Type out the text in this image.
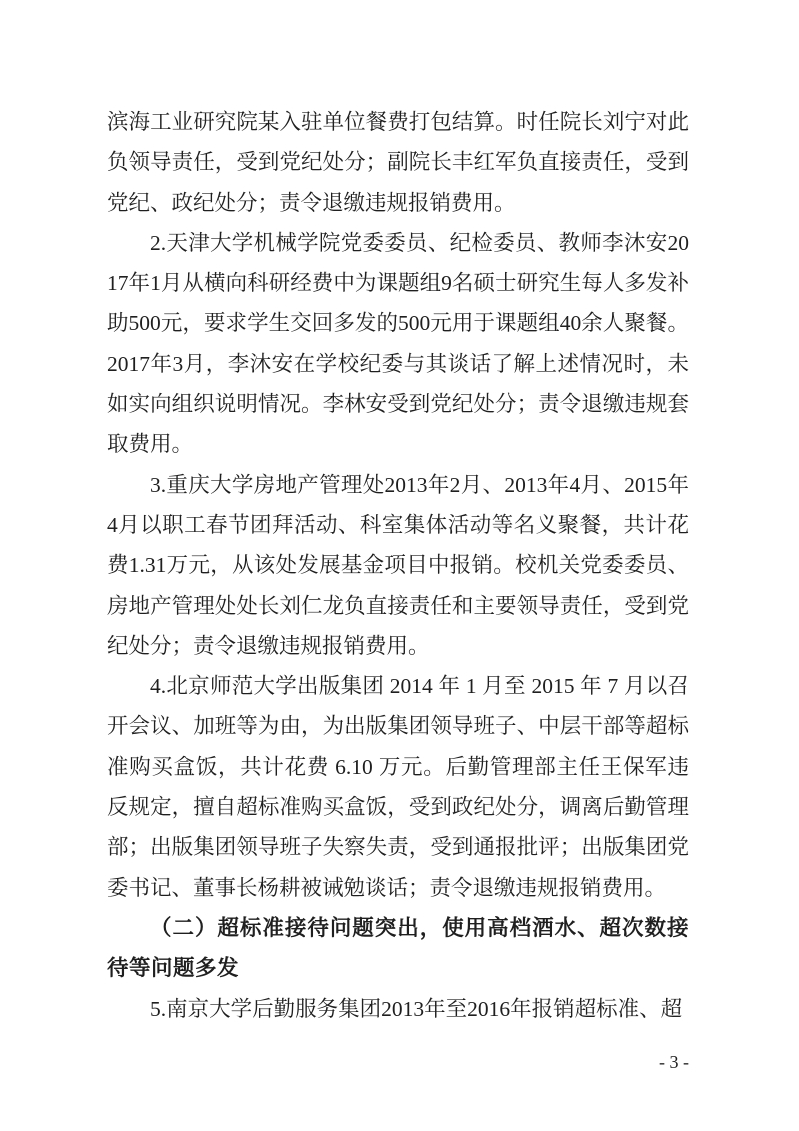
滨海工业研究院某入驻单位餐费打包结算。时任院长刘宁对此负领导责任，受到党纪处分；副院长丰红军负直接责任，受到党纪、政纪处分；责令退缴违规报销费用。

2.天津大学机械学院党委委员、纪检委员、教师李沐安2017年1月从横向科研经费中为课题组9名硕士研究生每人多发补助500元，要求学生交回多发的500元用于课题组40余人聚餐。2017年3月，李沐安在学校纪委与其谈话了解上述情况时，未如实向组织说明情况。李林安受到党纪处分；责令退缴违规套取费用。

3.重庆大学房地产管理处2013年2月、2013年4月、2015年4月以职工春节团拜活动、科室集体活动等名义聚餐，共计花费1.31万元，从该处发展基金项目中报销。校机关党委委员、房地产管理处处长刘仁龙负直接责任和主要领导责任，受到党纪处分；责令退缴违规报销费用。

4.北京师范大学出版集团 2014 年 1 月至 2015 年 7 月以召开会议、加班等为由，为出版集团领导班子、中层干部等超标准购买盒饭，共计花费 6.10 万元。后勤管理部主任王保军违反规定，擅自超标准购买盒饭，受到政纪处分，调离后勤管理部；出版集团领导班子失察失责，受到通报批评；出版集团党委书记、董事长杨耕被诫勉谈话；责令退缴违规报销费用。

（二）超标准接待问题突出，使用高档酒水、超次数接待等问题多发

5.南京大学后勤服务集团2013年至2016年报销超标准、超

- 3 -
